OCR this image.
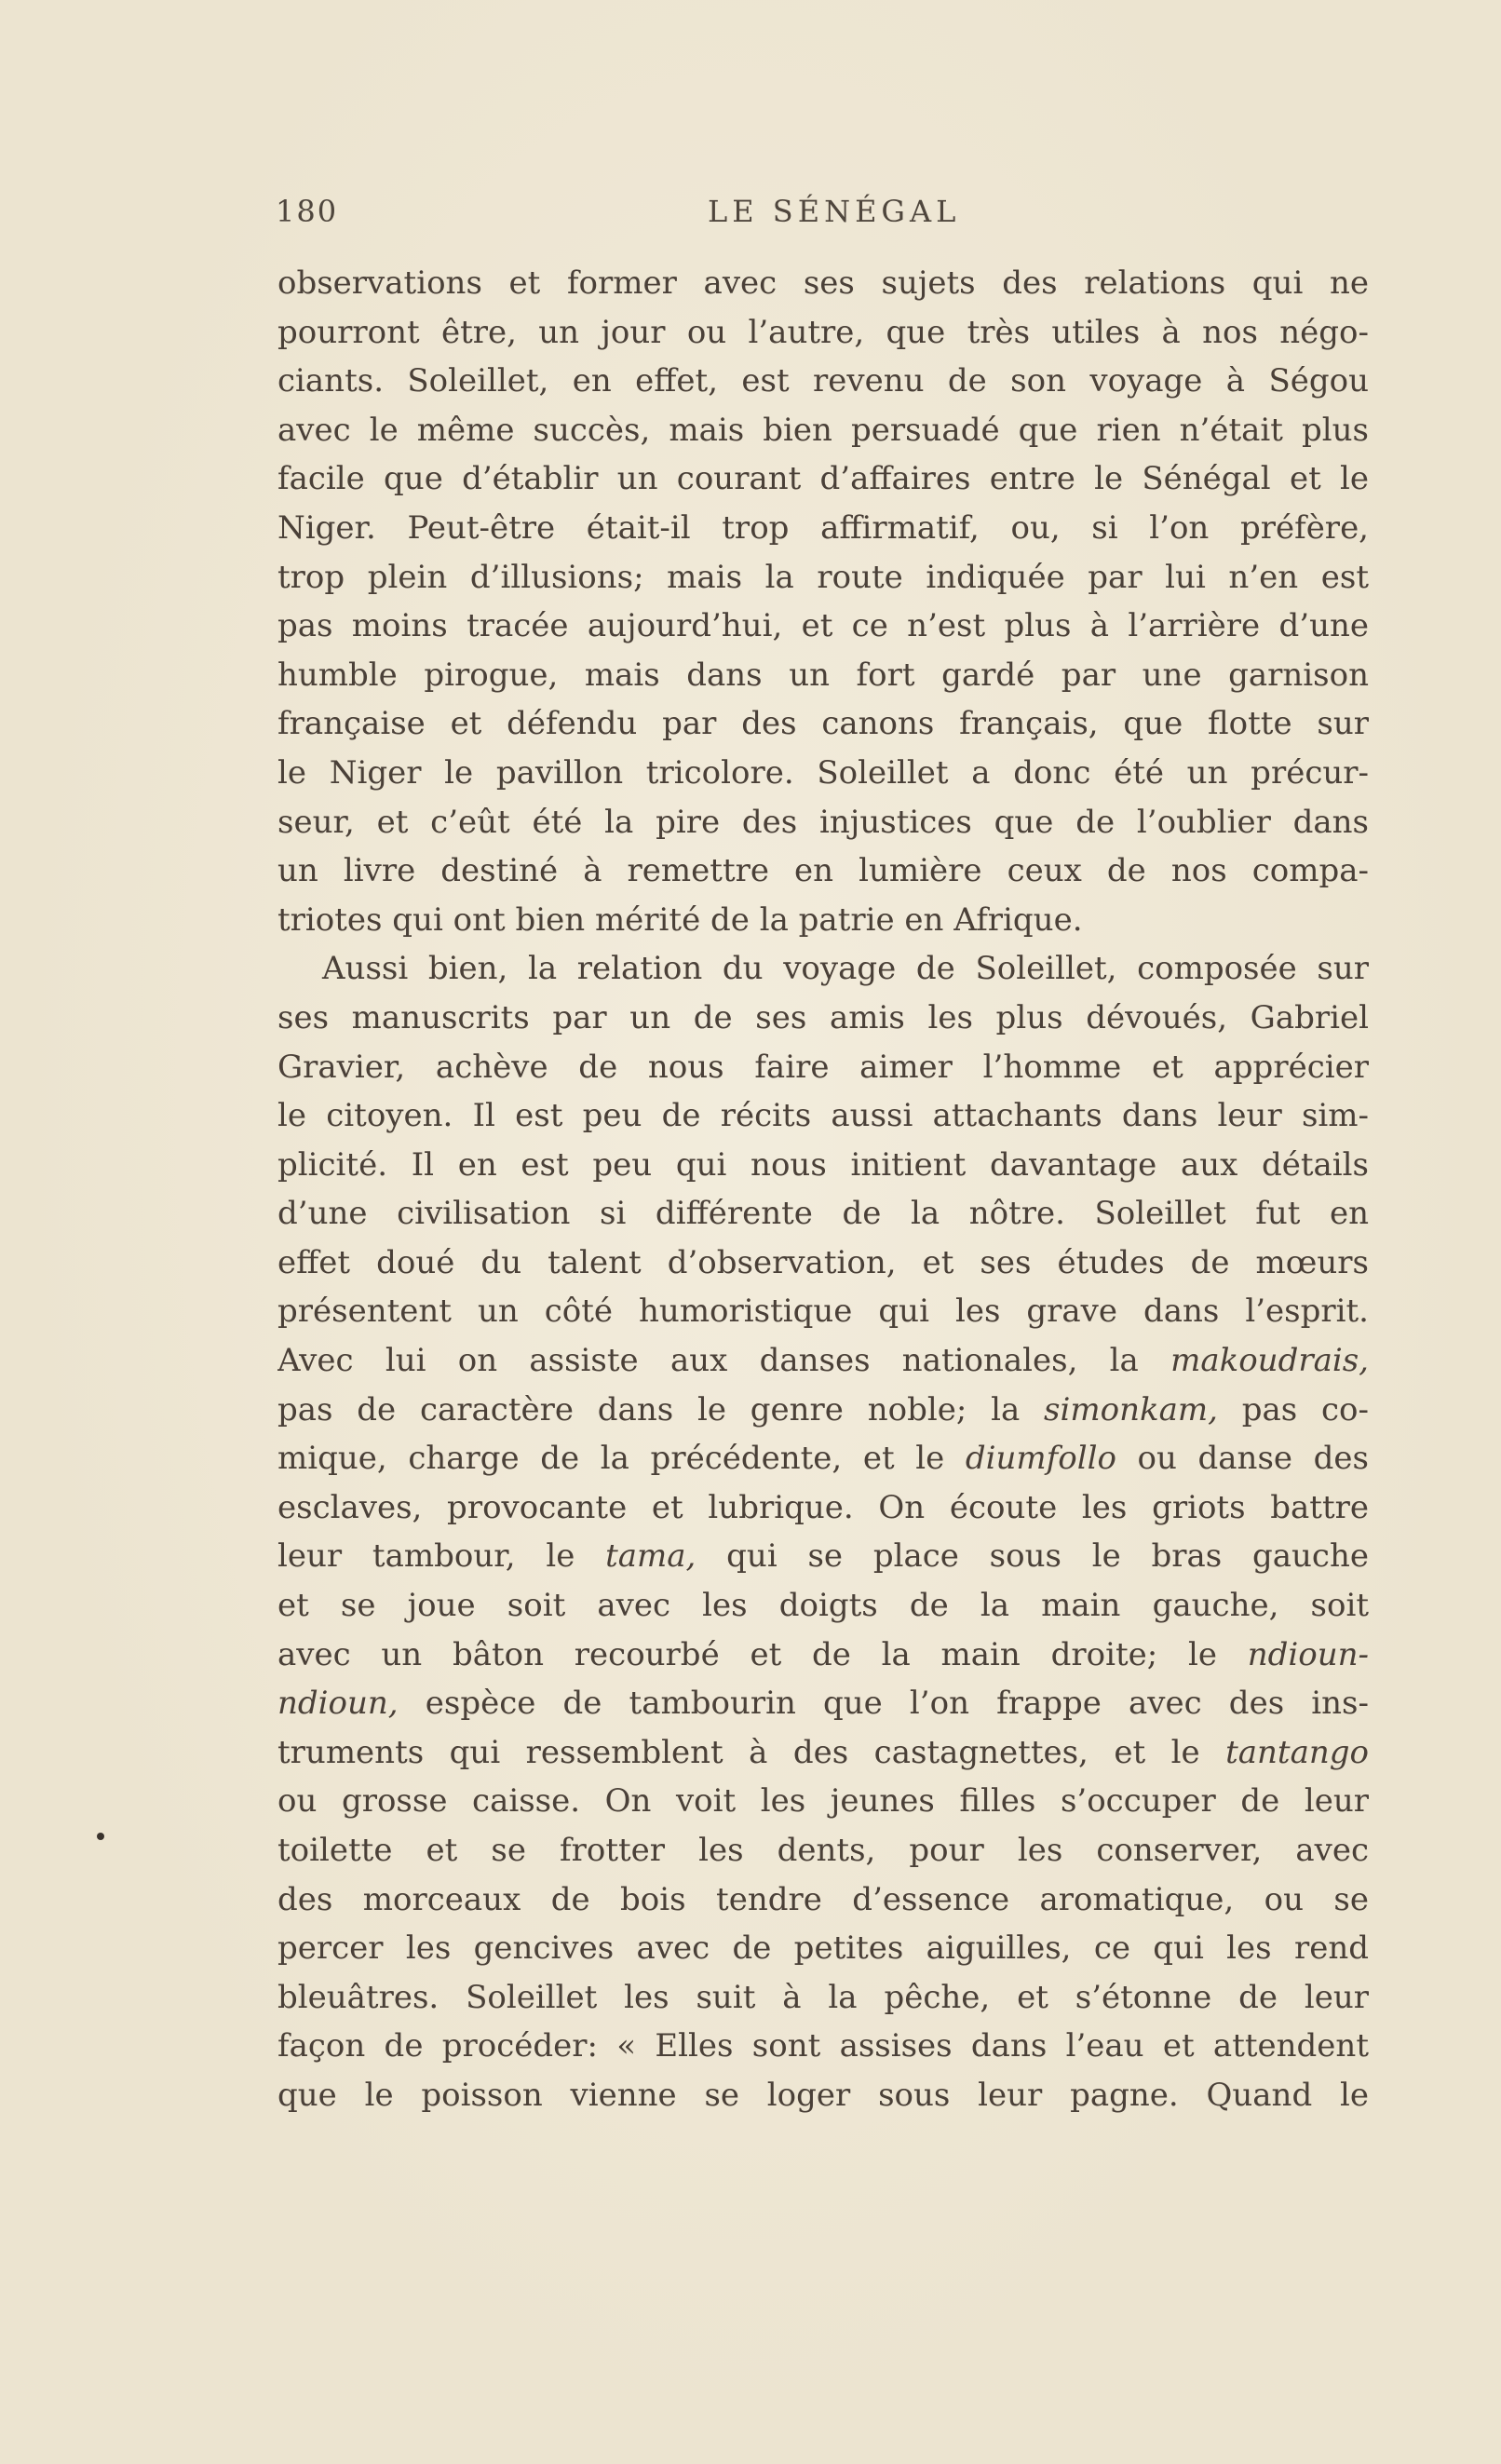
180	LE SÉNÉGAL
observations et former avec ses sujets des relations qui ne
pourront être, un jour ou l’autre, que très utiles à nos négo-
ciants. Soleillet, en effet, est revenu de son voyage à Ségou
avec le même succès, mais bien persuadé que rien n’était plus
facile que d’établir un courant d’affaires entre le Sénégal et le
Niger. Peut-être était-il trop affirmatif, ou, si l’on préfère,
trop plein d’illusions; mais la route indiquée par lui n’en est
pas moins tracée aujourd’hui, et ce n’est plus à l’arrière d’une
humble pirogue, mais dans un fort gardé par une garnison
française et défendu par des canons français, que flotte sur
le Niger le pavillon tricolore. Soleillet a donc été un précur-
seur, et c’eût été la pire des injustices que de l’oublier dans
un livre destiné à remettre en lumière ceux de nos compa-
triotes qui ont bien mérité de la patrie en Afrique.
Aussi bien, la relation du voyage de Soleillet, composée sur
ses manuscrits par un de ses amis les plus dévoués, Gabriel
Gravier, achève de nous faire aimer l’homme et apprécier
le citoyen. Il est peu de récits aussi attachants dans leur sim-
plicité. Il en est peu qui nous initient davantage aux détails
d’une civilisation si différente de la nôtre. Soleillet fut en
effet doué du talent d’observation, et ses études de mœurs
présentent un côté humoristique qui les grave dans l’esprit.
Avec lui on assiste aux danses nationales, la makoudrais,
pas de caractère dans le genre noble; la simonkam, pas co-
mique, charge de la précédente, et le diumfollo ou danse des
esclaves, provocante et lubrique. On écoute les griots battre
leur tambour, le tama, qui se place sous le bras gauche
et se joue soit avec les doigts de la main gauche, soit
avec un bâton recourbé et de la main droite; le ndioun-
ndioun, espèce de tambourin que l’on frappe avec des ins-
truments qui ressemblent à des castagnettes, et le tantango
ou grosse caisse. On voit les jeunes filles s’occuper de leur
toilette et se frotter les dents, pour les conserver, avec
des morceaux de bois tendre d’essence aromatique, ou se
percer les gencives avec de petites aiguilles, ce qui les rend
bleuâtres. Soleillet les suit à la pêche, et s’étonne de leur
façon de procéder: « Elles sont assises dans l’eau et attendent
que le poisson vienne se loger sous leur pagne. Quand le
